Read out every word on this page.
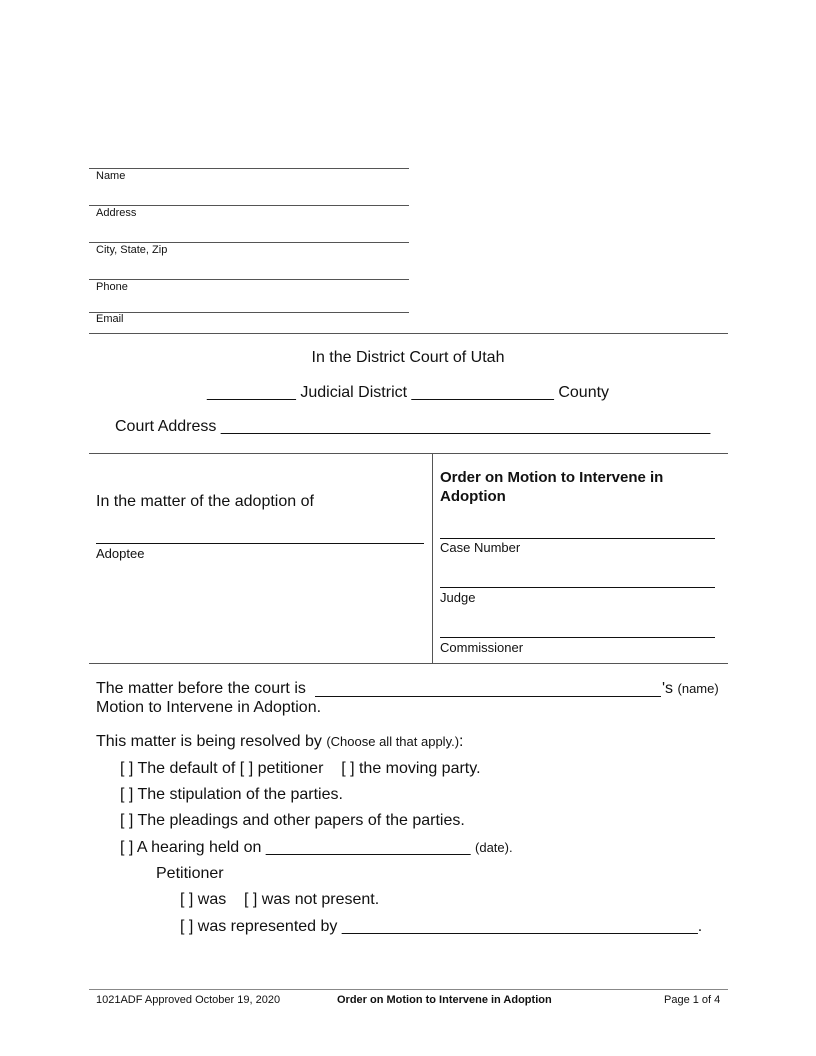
Name
Address
City, State, Zip
Phone
Email
In the District Court of Utah
__________ Judicial District ________________ County
Court Address _______________________________________________________
In the matter of the adoption of
Adoptee
Order on Motion to Intervene in Adoption
Case Number
Judge
Commissioner
The matter before the court is	's (name)
Motion to Intervene in Adoption.
This matter is being resolved by (Choose all that apply.):
[ ] The default of [ ] petitioner [ ] the moving party.
[ ] The stipulation of the parties.
[ ] The pleadings and other papers of the parties.
[ ] A hearing held on _______________________ (date).
Petitioner
[ ] was [ ] was not present.
[ ] was represented by ________________________________________.
1021ADF Approved October 19, 2020	Order on Motion to Intervene in Adoption	Page 1 of 4
